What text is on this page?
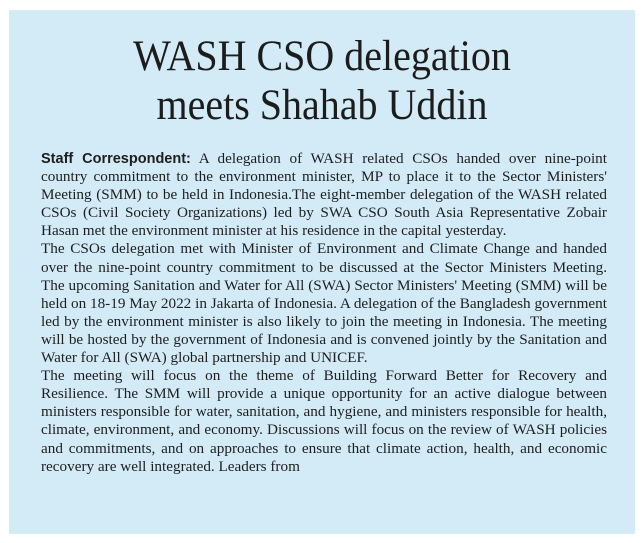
WASH CSO delegation
meets Shahab Uddin

Staff Correspondent: A delegation of WASH related CSOs handed over nine-point country commitment to the environment minister, MP to place it to the Sector Ministers' Meeting (SMM) to be held in Indonesia.The eight-member delegation of the WASH related CSOs (Civil Society Organizations) led by SWA CSO South Asia Representative Zobair Hasan met the environment minister at his residence in the capital yesterday.

The CSOs delegation met with Minister of Environment and Climate Change and handed over the nine-point country commitment to be discussed at the Sector Ministers Meeting. The upcoming Sanitation and Water for All (SWA) Sector Ministers' Meeting (SMM) will be held on 18-19 May 2022 in Jakarta of Indonesia. A delegation of the Bangladesh government led by the environment minister is also likely to join the meeting in Indonesia. The meeting will be hosted by the government of Indonesia and is convened jointly by the Sanitation and Water for All (SWA) global partnership and UNICEF.

The meeting will focus on the theme of Building Forward Better for Recovery and Resilience. The SMM will provide a unique opportunity for an active dialogue between ministers responsible for water, sanitation, and hygiene, and ministers responsible for health, climate, environment, and economy. Discussions will focus on the review of WASH policies and commitments, and on approaches to ensure that climate action, health, and economic recovery are well integrated. Leaders from
